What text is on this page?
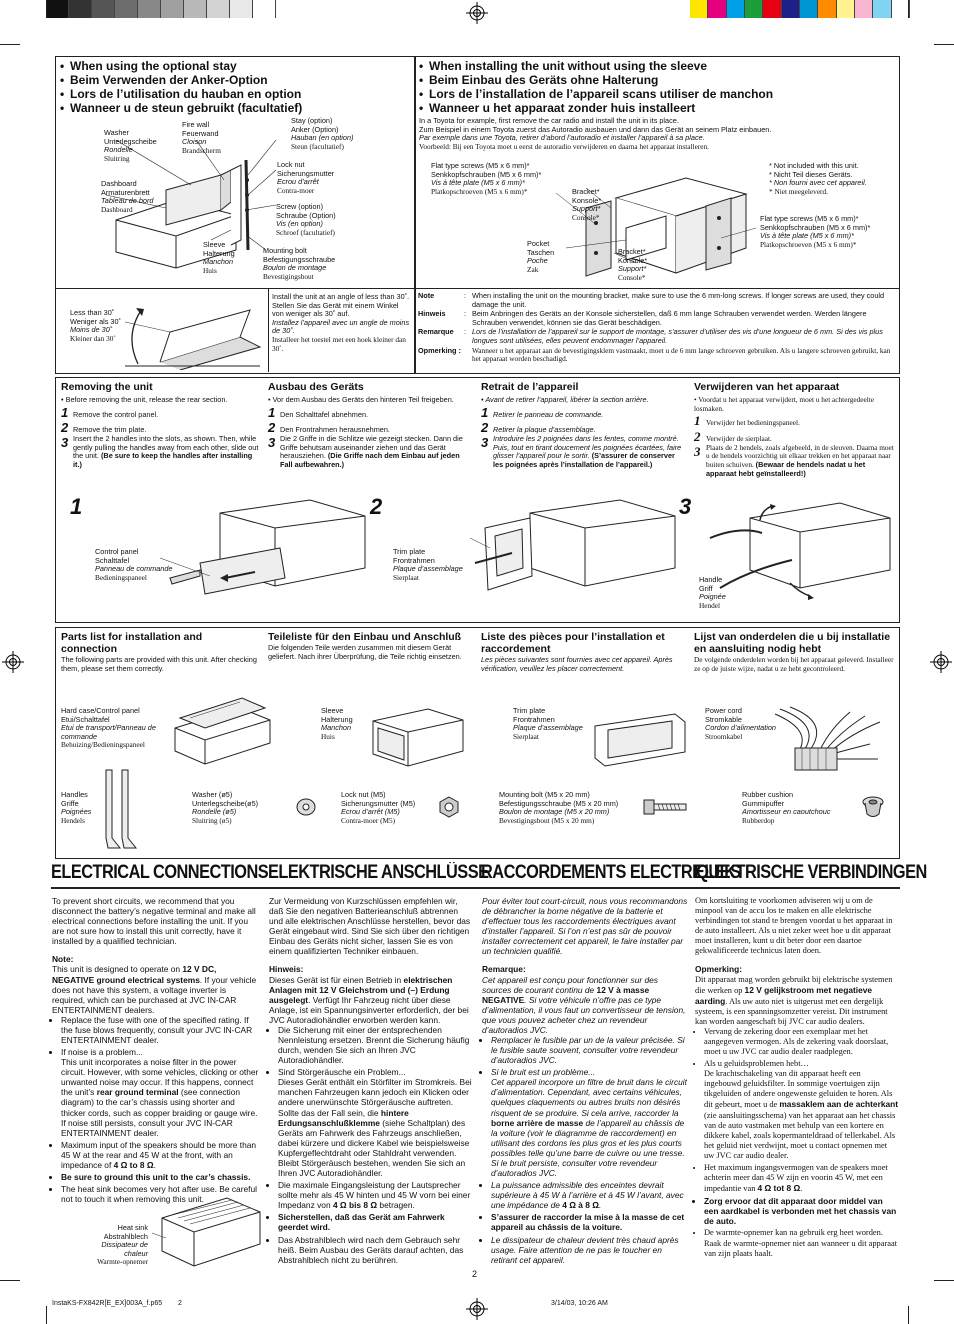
• When using the optional stay
• Beim Verwenden der Anker-Option
• Lors de l’utilisation du hauban en option
• Wanneer u de steun gebruikt (facultatief)
Washer
Unterlegscheibe
Rondelle
Sluitring
Fire wall
Feuerwand
Cloison
Brandscherm
Stay (option)
Anker (Option)
Hauban (en option)
Steun (facultatief)
Dashboard
Armaturenbrett
Tableau de bord
Dashboard
Lock nut
Sicherungsmutter
Ecrou d’arrêt
Contra-moer
Screw (option)
Schraube (Option)
Vis (en option)
Schroef (facultatief)
Sleeve
Halterung
Manchon
Huis
Mounting bolt
Befestigungsschraube
Boulon de montage
Bevestigingsbout
Less than 30˚
Weniger als 30˚
Moins de 30˚
Kleiner dan 30˚
Install the unit at an angle of less than 30˚.
Stellen Sie das Gerät mit einem Winkel von weniger als 30˚ auf.
Installez l’appareil avec un angle de moins de 30˚.
Installeer het toestel met een hoek kleiner dan 30˚.
• When installing the unit without using the sleeve
• Beim Einbau des Geräts ohne Halterung
• Lors de l’installation de l’appareil scans utiliser de manchon
• Wanneer u het apparaat zonder huis installeert
In a Toyota for example, first remove the car radio and install the unit in its place.
Zum Beispiel in einem Toyota zuerst das Autoradio ausbauen und dann das Gerät an seinem Platz einbauen.
Par exemple dans une Toyota, retirer d’abord l’autoradio et installer l’appareil à sa place.
Voorbeeld: Bij een Toyota moet u eerst de autoradio verwijderen en daarna het apparaat installeren.
Flat type screws (M5 x 6 mm)*
Senkkopfschrauben (M5 x 6 mm)*
Vis à tête plate (M5 x 6 mm)*
Platkopschroeven (M5 x 6 mm)*
* Not included with this unit.
* Nicht Teil dieses Geräts.
* Non fourni avec cet appareil.
* Niet meegeleverd.
Bracket*
Konsole*
Support*
Console*	Flat type screws (M5 x 6 mm)*
Senkkopfschrauben (M5 x 6 mm)*
Vis à tête plate (M5 x 6 mm)*
Platkopschroeven (M5 x 6 mm)*
Pocket
Taschen
Poche
Zak
Bracket*
Konsole*
Support*
Console*
Note	: When installing the unit on the mounting bracket, make sure to use the 6 mm-long screws. If longer screws are used, they could damage the unit.
Hinweis	: Beim Anbringen des Geräts an der Konsole sicherstellen, daß 6 mm lange Schrauben verwendet werden. Werden längere Schrauben verwendet, können sie das Gerät beschädigen.
Remarque	: Lors de l’installation de l’appareil sur le support de montage, s’assurer d’utiliser des vis d’une longueur de 6 mm. Si des vis plus longues sont utilisées, elles peuvent endommager l’appareil.
Opmerking :	Wanneer u het apparaat aan de bevestigingsklem vastmaakt, moet u de 6 mm lange schroeven gebruiken. Als u langere schroeven gebruikt, kan het apparaat worden beschadigd.
Removing the unit
• Before removing the unit, release the rear section.
1 Remove the control panel.
2 Remove the trim plate.
3 Insert the 2 handles into the slots, as shown. Then, while gently pulling the handles away from each other, slide out the unit. (Be sure to keep the handles after installing it.)
Ausbau des Geräts
• Vor dem Ausbau des Geräts den hinteren Teil freigeben.
1 Den Schalttafel abnehmen.
2 Den Frontrahmen herausnehmen.
3 Die 2 Griffe in die Schlitze wie gezeigt stecken. Dann die Griffe behutsam auseinander ziehen und das Gerät herausziehen. (Die Griffe nach dem Einbau auf jeden Fall aufbewahren.)
Retrait de l’appareil
• Avant de retirer l’appareil, libérer la section arrière.
1 Retirer le panneau de commande.
2 Retirer la plaque d’assemblage.
3 Introduire les 2 poignées dans les fentes, comme montré. Puis, tout en tirant doucement les poignées écartées, faire glisser l’appareil pour le sortir. (S’assurer de conserver les poignées après l’installation de l’appareil.)
Verwijderen van het apparaat
• Voordat u het apparaat verwijdert, moet u het achtergedeelte losmaken.
1 Verwijder het bedieningspaneel.
2 Verwijder de sierplaat.
3 Plaats de 2 hendels, zoals afgebeeld, in de sleuven. Daarna moet u de hendels voorzichtig uit elkaar trekken en het apparaat naar buiten schuiven. (Bewaar de hendels nadat u het apparaat hebt geïnstalleerd!)
1	2	3
Control panel
Schalttafel
Panneau de commande
Bedieningspaneel
Trim plate
Frontrahmen
Plaque d’assemblage
Sierplaat	Handle
Griff
Poignée
Hendel
Parts list for installation and connection
The following parts are provided with this unit. After checking them, please set them correctly.
Teileliste für den Einbau und Anschluß
Die folgenden Teile werden zusammen mit diesem Gerät geliefert. Nach ihrer Überprüfung, die Teile richtig einsetzen.
Liste des pièces pour l’installation et raccordement
Les pièces suivantes sont fournies avec cet appareil. Après vérification, veuillez les placer correctement.
Lijst van onderdelen die u bij installatie en aansluiting nodig hebt
De volgende onderdelen worden bij het apparaat geleverd. Installeer ze op de juiste wijze, nadat u ze hebt gecontroleerd.
Hard case/Control panel
Etui/Schalttafel
Etui de transport/Panneau de commande
Behuizing/Bedieningspaneel
Sleeve
Halterung
Manchon
Huis
Trim plate
Frontrahmen
Plaque d’assemblage
Sierplaat
Power cord
Stromkable
Cordon d’alimentation
Stroomkabel
Handles
Griffe
Poignées
Hendels
Washer (ø5)
Unterlegscheibe(ø5)
Rondelle (ø5)
Sluitring (ø5)
Lock nut (M5)
Sicherungsmutter (M5)
Ecrou d’arrêt (M5)
Contra-moer (M5)
Mounting bolt (M5 x 20 mm)
Befestigungsschraube (M5 x 20 mm)
Boulon de montage (M5 x 20 mm)
Bevestigingsbout (M5 x 20 mm)
Rubber cushion
Gummipuffer
Amortisseur en caoutchouc
Rubberdop
ELECTRICAL CONNECTIONS ELEKTRISCHE ANSCHLÜSSE
RACCORDEMENTS ELECTRIQUES
ELEKTRISCHE VERBINDINGEN
To prevent short circuits, we recommend that you disconnect the battery’s negative terminal and make all electrical connections before installing the unit. If you are not sure how to install this unit correctly, have it installed by a qualified technician.
Note:
This unit is designed to operate on 12 V DC, NEGATIVE ground electrical systems. If your vehicle does not have this system, a voltage inverter is required, which can be purchased at JVC IN-CAR ENTERTAINMENT dealers.
• Replace the fuse with one of the specified rating. If the fuse blows frequently, consult your JVC IN-CAR ENTERTAINMENT dealer.
• If noise is a problem...
This unit incorporates a noise filter in the power circuit. However, with some vehicles, clicking or other unwanted noise may occur. If this happens, connect the unit’s rear ground terminal (see connection diagram) to the car’s chassis using shorter and thicker cords, such as copper braiding or gauge wire. If noise still persists, consult your JVC IN-CAR ENTERTAINMENT dealer.
• Maximum input of the speakers should be more than 45 W at the rear and 45 W at the front, with an impedance of 4 Ω to 8 Ω.
• Be sure to ground this unit to the car’s chassis.
• The heat sink becomes very hot after use. Be careful not to touch it when removing this unit.
Heat sink
Abstrahlblech
Dissipateur de chaleur
Warmte-opnemer
Zur Vermeidung von Kurzschlüssen empfehlen wir, daß Sie den negativen Batterieanschluß abtrennen und alle elektrischen Anschlüsse herstellen, bevor das Gerät eingebaut wird. Sind Sie sich über den richtigen Einbau des Geräts nicht sicher, lassen Sie es von einem qualifizierten Techniker einbauen.
Hinweis:
Dieses Gerät ist für einen Betrieb in elektrischen Anlagen mit 12 V Gleichstrom und (–) Erdung ausgelegt. Verfügt Ihr Fahrzeug nicht über diese Anlage, ist ein Spannungsinverter erforderlich, der bei JVC Autoradiohändler erworben werden kann.
• Die Sicherung mit einer der entsprechenden Nennleistung ersetzen. Brennt die Sicherung häufig durch, wenden Sie sich an Ihren JVC Autoradiohändler.
• Sind Störgeräusche ein Problem...
Dieses Gerät enthält ein Störfilter im Stromkreis. Bei manchen Fahrzeugen kann jedoch ein Klicken oder andere unerwünschte Störgeräusche auftreten. Sollte das der Fall sein, die hintere Erdungsanschlußklemme (siehe Schaltplan) des Geräts am Fahrwerk des Fahrzeugs anschließen, dabei kürzere und dickere Kabel wie beispielsweise Kupfergeflechtdraht oder Stahldraht verwenden. Bleibt Störgeräusch bestehen, wenden Sie sich an Ihren JVC Autoradiohändler.
• Die maximale Eingangsleistung der Lautsprecher sollte mehr als 45 W hinten und 45 W vorn bei einer Impedanz von 4 Ω bis 8 Ω betragen.
• Sicherstellen, daß das Gerät am Fahrwerk geerdet wird.
• Das Abstrahlblech wird nach dem Gebrauch sehr heiß. Beim Ausbau des Geräts darauf achten, das Abstrahlblech nicht zu berühren.
Pour éviter tout court-circuit, nous vous recommandons de débrancher la borne négative de la batterie et d’effectuer tous les raccordements électriques avant d’installer l’appareil. Si l’on n’est pas sûr de pouvoir installer correctement cet appareil, le faire installer par un technicien qualifié.
Remarque:
Cet appareil est conçu pour fonctionner sur des sources de courant continu de 12 V à masse NEGATIVE. Si votre véhicule n’offre pas ce type d’alimentation, il vous faut un convertisseur de tension, que vous pouvez acheter chez un revendeur d’autoradios JVC.
• Remplacer le fusible par un de la valeur précisée. Si le fusible saute souvent, consulter votre revendeur d’autoradios JVC.
• Si le bruit est un problème...
Cet appareil incorpore un filtre de bruit dans le circuit d’alimentation. Cependant, avec certains véhicules, quelques claquements ou autres bruits non désirés risquent de se produire. Si cela arrive, raccorder la borne arrière de masse de l’appareil au châssis de la voiture (voir le diagramme de raccordement) en utilisant des cordons les plus gros et les plus courts possibles telle qu’une barre de cuivre ou une tresse. Si le bruit persiste, consulter votre revendeur d’autoradios JVC.
• La puissance admissible des enceintes devrait supérieure à 45 W à l’arrière et à 45 W l’avant, avec une impédance de 4 Ω à 8 Ω.
• S’assurer de raccorder la mise à la masse de cet appareil au châssis de la voiture.
• Le dissipateur de chaleur devient très chaud après usage. Faire attention de ne pas le toucher en retirant cet appareil.
Om kortsluiting te voorkomen adviseren wij u om de minpool van de accu los te maken en alle elektrische verbindingen tot stand te brengen voordat u het apparaat in de auto installeert. Als u niet zeker weet hoe u dit apparaat moet installeren, kunt u dit beter door een daartoe gekwalificeerde technicus laten doen.
Opmerking:
Dit apparaat mag worden gebruikt bij elektrische systemen die werken op 12 V gelijkstroom met negatieve aarding. Als uw auto niet is uitgerust met een dergelijk systeem, is een spanningsomzetter vereist. Dit instrument kan worden aangeschaft bij JVC car audio dealers.
• Vervang de zekering door een exemplaar met het aangegeven vermogen. Als de zekering vaak doorslaat, moet u uw JVC car audio dealer raadplegen.
• Als u geluidsproblemen hebt…
De krachtschakeling van dit apparaat heeft een ingebouwd geluidsfilter. In sommige voertuigen zijn tikgeluiden of andere ongewenste geluiden te horen. Als dit gebeurt, moet u de massaklem aan de achterkant (zie aansluitingsschema) van het apparaat aan het chassis van de auto vastmaken met behulp van een kortere en dikkere kabel, zoals kopermanteldraad of tellerkabel. Als het geluid niet verdwijnt, moet u contact opnemen met uw JVC car audio dealer.
• Het maximum ingangsvermogen van de speakers moet achterin meer dan 45 W zijn en voorin 45 W, met een impedantie van 4 Ω tot 8 Ω.
• Zorg ervoor dat dit apparaat door middel van een aardkabel is verbonden met het chassis van de auto.
• De warmte-opnemer kan na gebruik erg heet worden. Raak de warmte-opnemer niet aan wanneer u dit apparaat van zijn plaats haalt.
2
InstaKS-FX842R[E_EX]003A_f.p65 2	3/14/03, 10:26 AM
